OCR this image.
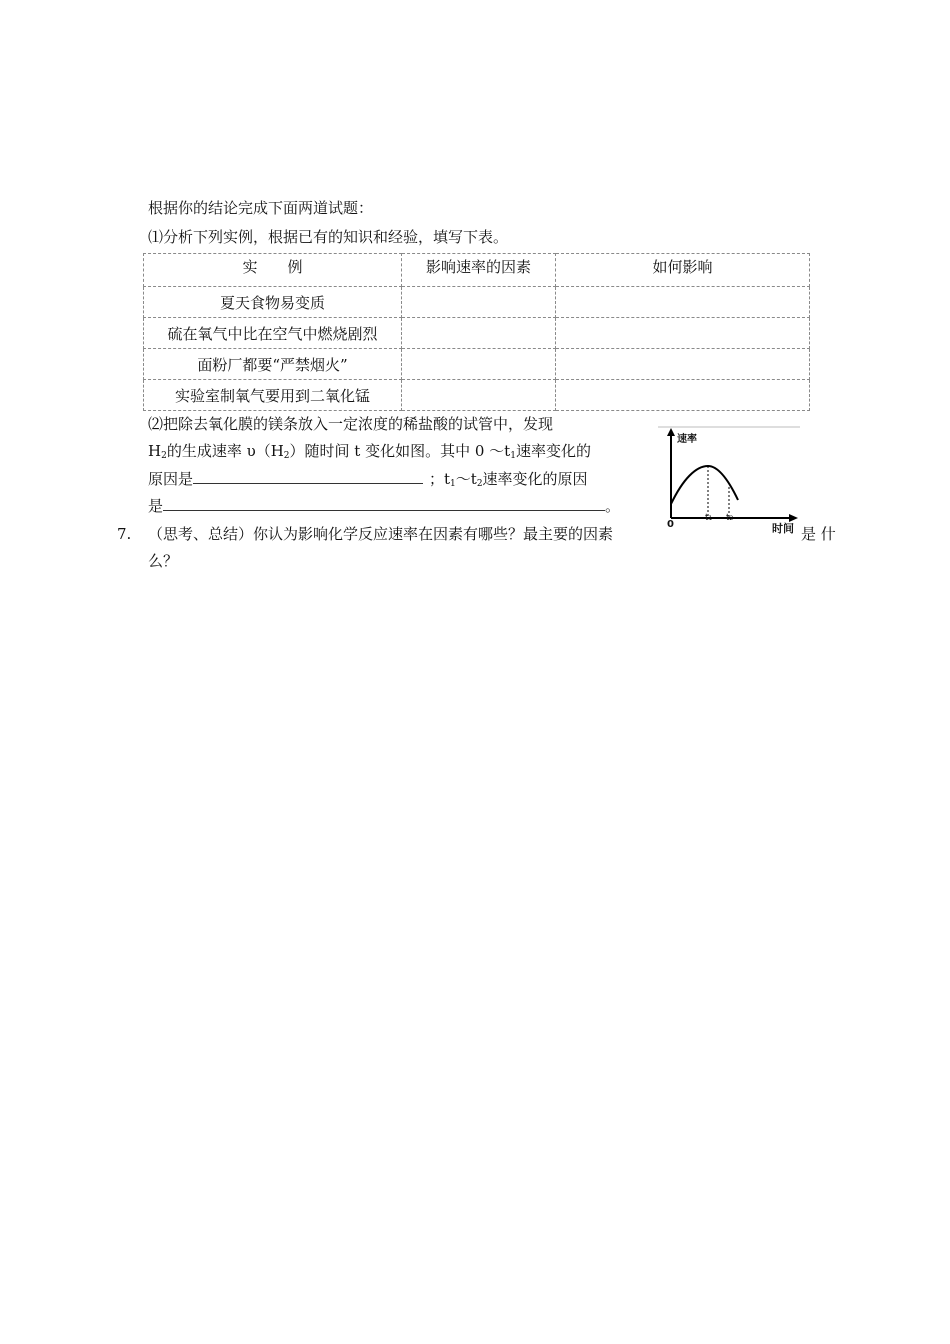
根据你的结论完成下面两道试题：
⑴分析下列实例，根据已有的知识和经验，填写下表。
实　　例	影响速率的因素	如何影响
夏天食物易变质		
硫在氧气中比在空气中燃烧剧烈		
面粉厂都要“严禁烟火”		
实验室制氧气要用到二氧化锰		
⑵把除去氧化膜的镁条放入一定浓度的稀盐酸的试管中，发现
$H_2$的生成速率 $\upsilon(H_2)$随时间 t 变化如图。其中 0 $\sim t_1$速率变化的
原因是	；$t_1\sim t_2$速率变化的原因
是	。
速率
0
t1 t2
时间
7. （思考、总结）你认为影响化学反应速率在因素有哪些？最主要的因素	是 什
么？
